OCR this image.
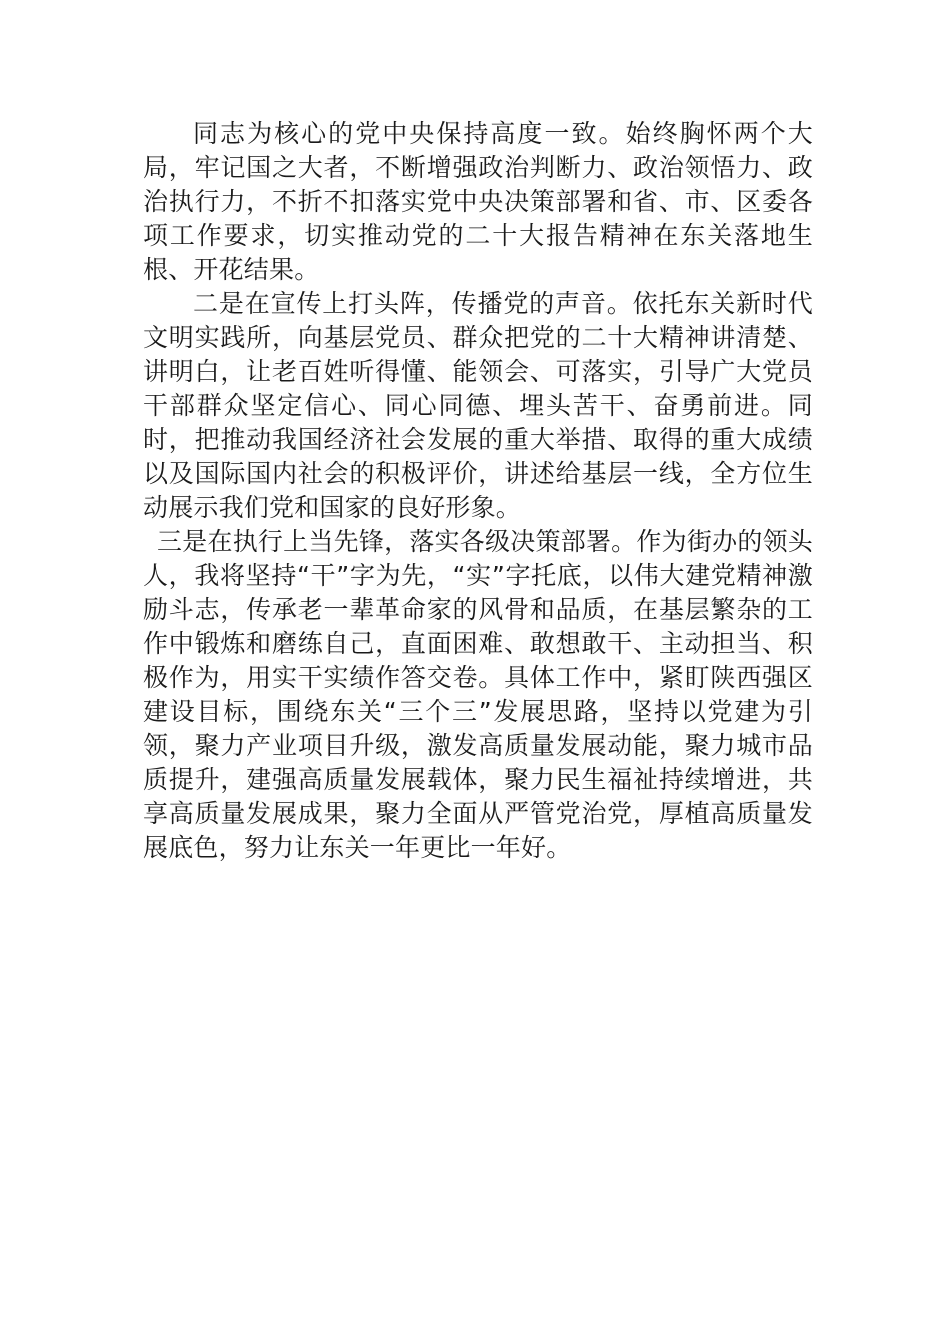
同志为核心的党中央保持高度一致。始终胸怀两个大局，牢记国之大者，不断增强政治判断力、政治领悟力、政治执行力，不折不扣落实党中央决策部署和省、市、区委各项工作要求，切实推动党的二十大报告精神在东关落地生根、开花结果。

二是在宣传上打头阵，传播党的声音。依托东关新时代文明实践所，向基层党员、群众把党的二十大精神讲清楚、讲明白，让老百姓听得懂、能领会、可落实，引导广大党员干部群众坚定信心、同心同德、埋头苦干、奋勇前进。同时，把推动我国经济社会发展的重大举措、取得的重大成绩以及国际国内社会的积极评价，讲述给基层一线，全方位生动展示我们党和国家的良好形象。

三是在执行上当先锋，落实各级决策部署。作为街办的领头人，我将坚持“干”字为先，“实”字托底，以伟大建党精神激励斗志，传承老一辈革命家的风骨和品质，在基层繁杂的工作中锻炼和磨练自己，直面困难、敢想敢干、主动担当、积极作为，用实干实绩作答交卷。具体工作中，紧盯陕西强区建设目标，围绕东关“三个三”发展思路，坚持以党建为引领，聚力产业项目升级，激发高质量发展动能，聚力城市品质提升，建强高质量发展载体，聚力民生福祉持续增进，共享高质量发展成果，聚力全面从严管党治党，厚植高质量发展底色，努力让东关一年更比一年好。
